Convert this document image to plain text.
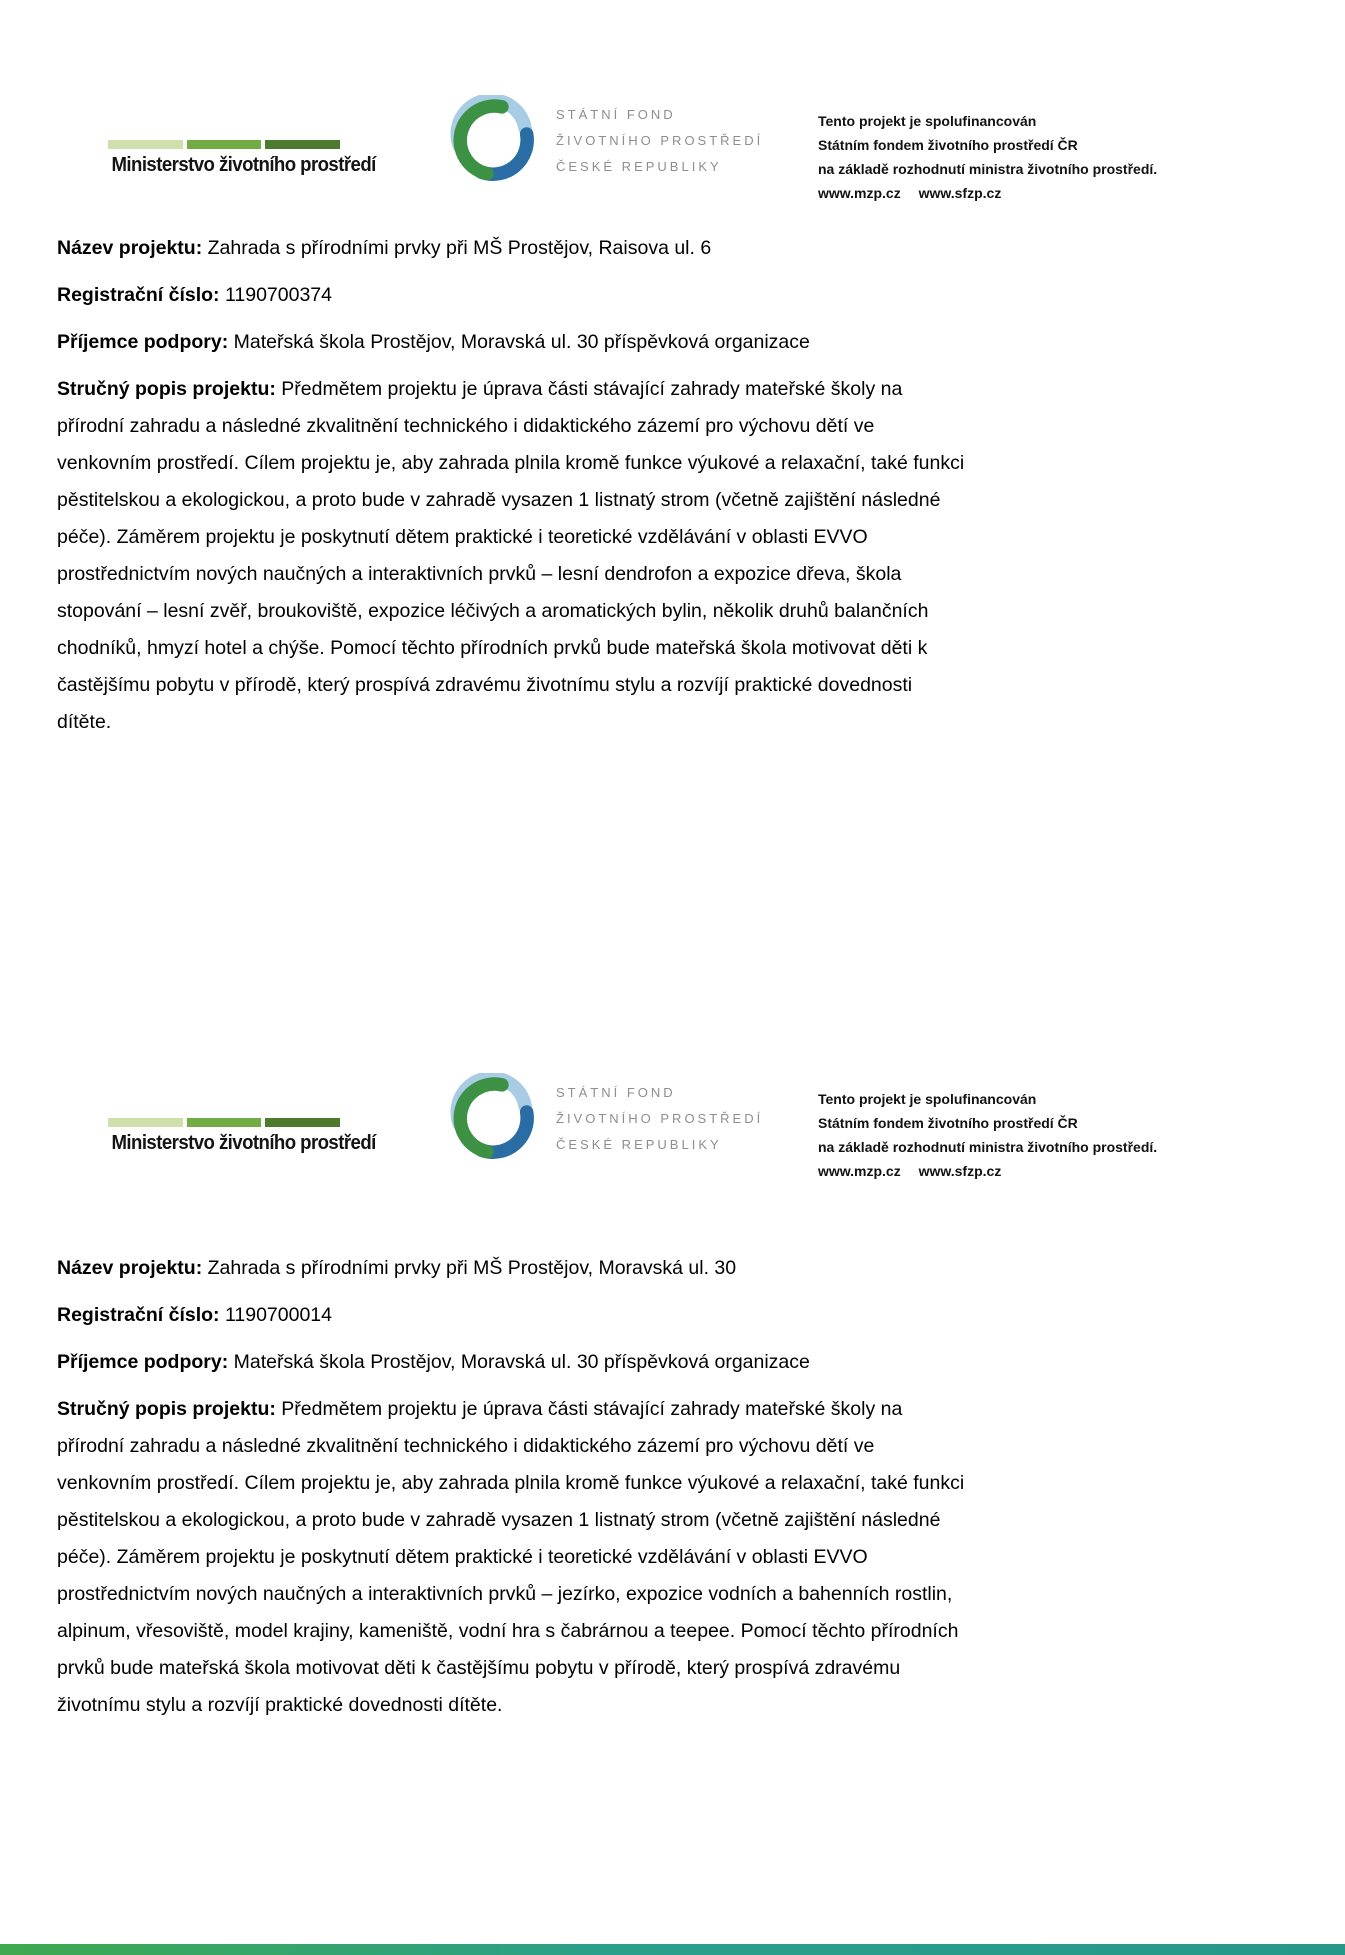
Ministerstvo životního prostředí
STÁTNÍ FOND
ŽIVOTNÍHO PROSTŘEDÍ
ČESKÉ REPUBLIKY
Tento projekt je spolufinancován
Státním fondem životního prostředí ČR
na základě rozhodnutí ministra životního prostředí.
www.mzp.cz www.sfzp.cz

Název projektu: Zahrada s přírodními prvky při MŠ Prostějov, Raisova ul. 6

Registrační číslo: 1190700374

Příjemce podpory: Mateřská škola Prostějov, Moravská ul. 30 příspěvková organizace

Stručný popis projektu: Předmětem projektu je úprava části stávající zahrady mateřské školy na přírodní zahradu a následné zkvalitnění technického i didaktického zázemí pro výchovu dětí ve venkovním prostředí. Cílem projektu je, aby zahrada plnila kromě funkce výukové a relaxační, také funkci pěstitelskou a ekologickou, a proto bude v zahradě vysazen 1 listnatý strom (včetně zajištění následné péče). Záměrem projektu je poskytnutí dětem praktické i teoretické vzdělávání v oblasti EVVO prostřednictvím nových naučných a interaktivních prvků – lesní dendrofon a expozice dřeva, škola stopování – lesní zvěř, broukoviště, expozice léčivých a aromatických bylin, několik druhů balančních chodníků, hmyzí hotel a chýše. Pomocí těchto přírodních prvků bude mateřská škola motivovat děti k častějšímu pobytu v přírodě, který prospívá zdravému životnímu stylu a rozvíjí praktické dovednosti dítěte.

Ministerstvo životního prostředí
STÁTNÍ FOND
ŽIVOTNÍHO PROSTŘEDÍ
ČESKÉ REPUBLIKY
Tento projekt je spolufinancován
Státním fondem životního prostředí ČR
na základě rozhodnutí ministra životního prostředí.
www.mzp.cz www.sfzp.cz

Název projektu: Zahrada s přírodními prvky při MŠ Prostějov, Moravská ul. 30

Registrační číslo: 1190700014

Příjemce podpory: Mateřská škola Prostějov, Moravská ul. 30 příspěvková organizace

Stručný popis projektu: Předmětem projektu je úprava části stávající zahrady mateřské školy na přírodní zahradu a následné zkvalitnění technického i didaktického zázemí pro výchovu dětí ve venkovním prostředí. Cílem projektu je, aby zahrada plnila kromě funkce výukové a relaxační, také funkci pěstitelskou a ekologickou, a proto bude v zahradě vysazen 1 listnatý strom (včetně zajištění následné péče). Záměrem projektu je poskytnutí dětem praktické i teoretické vzdělávání v oblasti EVVO prostřednictvím nových naučných a interaktivních prvků – jezírko, expozice vodních a bahenních rostlin, alpinum, vřesoviště, model krajiny, kameniště, vodní hra s čabrárnou a teepee. Pomocí těchto přírodních prvků bude mateřská škola motivovat děti k častějšímu pobytu v přírodě, který prospívá zdravému životnímu stylu a rozvíjí praktické dovednosti dítěte.
